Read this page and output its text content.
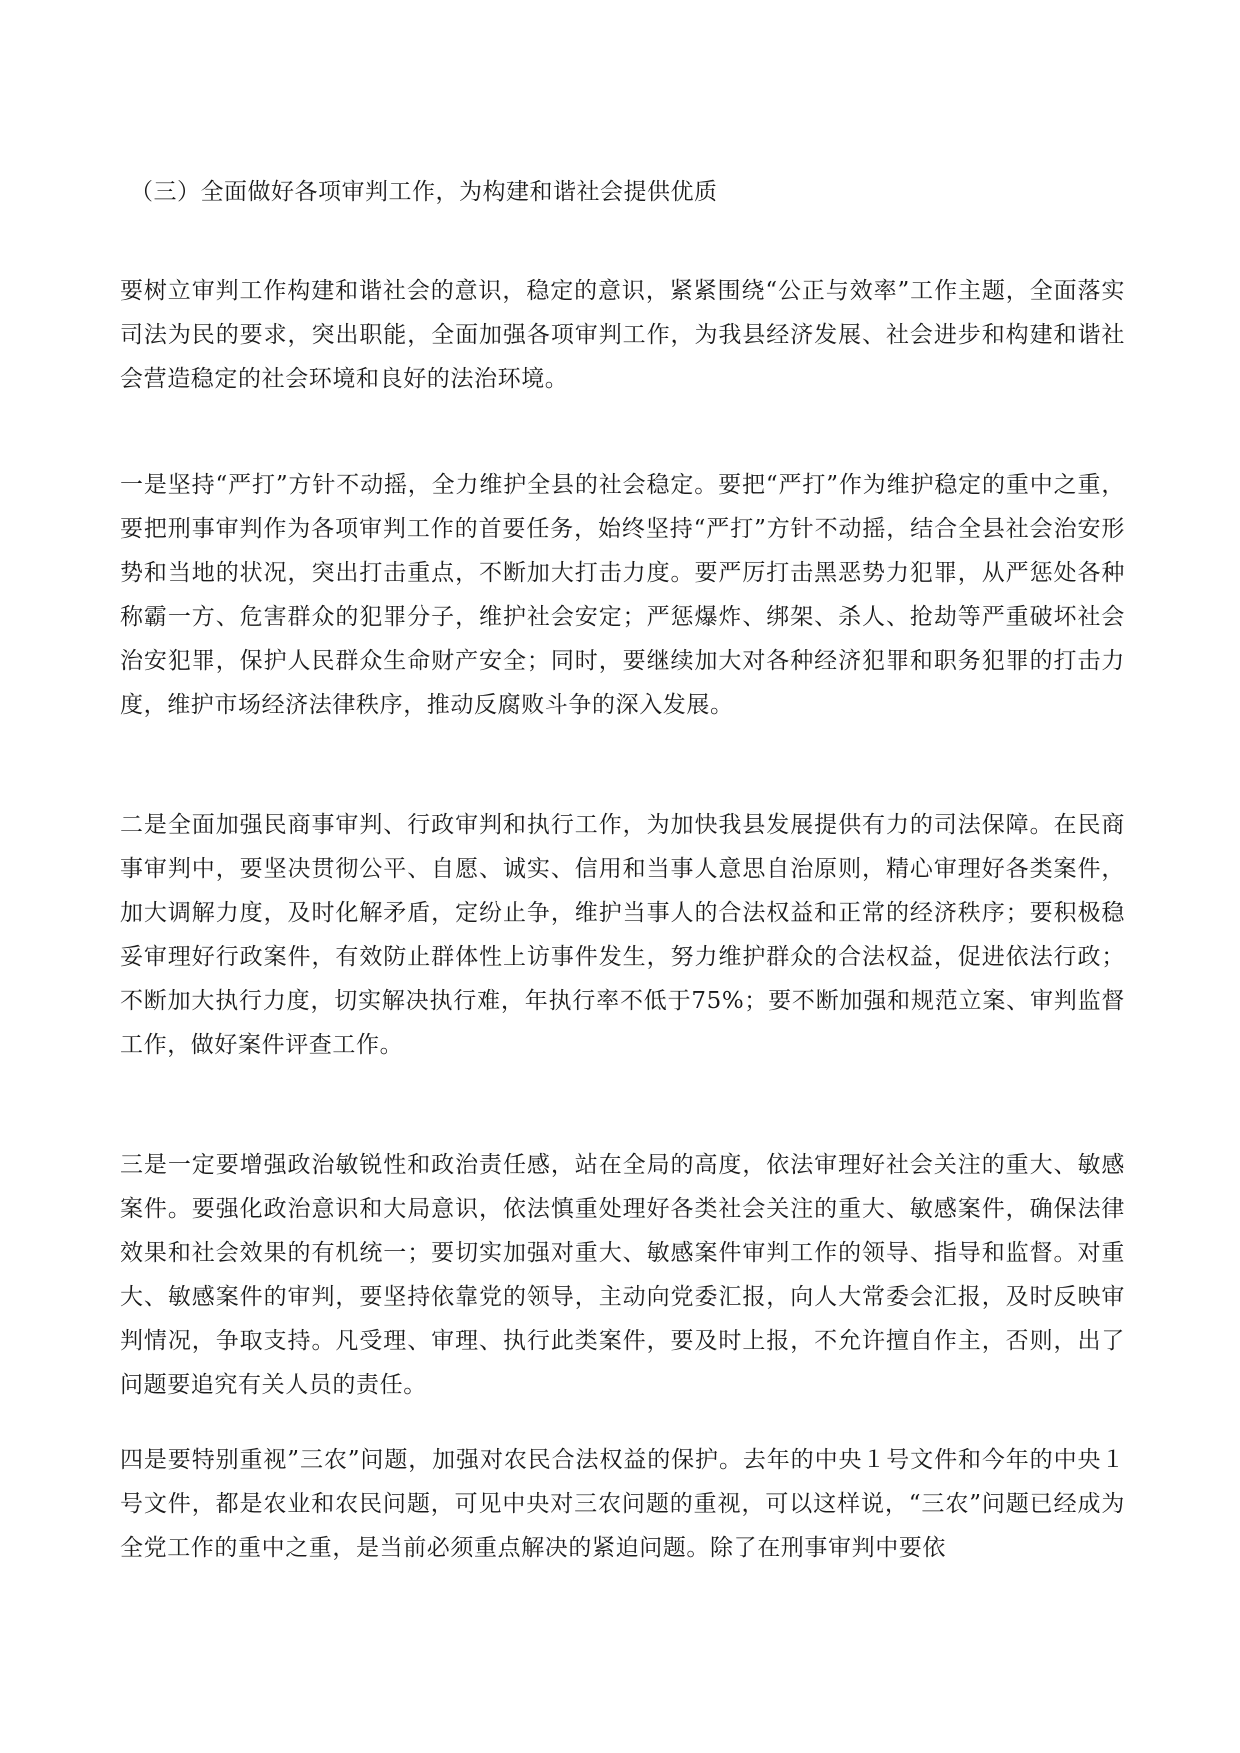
（三）全面做好各项审判工作，为构建和谐社会提供优质

要树立审判工作构建和谐社会的意识，稳定的意识，紧紧围绕“公正与效率”工作主题，全面落实司法为民的要求，突出职能，全面加强各项审判工作，为我县经济发展、社会进步和构建和谐社会营造稳定的社会环境和良好的法治环境。

一是坚持“严打”方针不动摇，全力维护全县的社会稳定。要把“严打”作为维护稳定的重中之重，要把刑事审判作为各项审判工作的首要任务，始终坚持“严打”方针不动摇，结合全县社会治安形势和当地的状况，突出打击重点，不断加大打击力度。要严厉打击黑恶势力犯罪，从严惩处各种称霸一方、危害群众的犯罪分子，维护社会安定；严惩爆炸、绑架、杀人、抢劫等严重破坏社会治安犯罪，保护人民群众生命财产安全；同时，要继续加大对各种经济犯罪和职务犯罪的打击力度，维护市场经济法律秩序，推动反腐败斗争的深入发展。

二是全面加强民商事审判、行政审判和执行工作，为加快我县发展提供有力的司法保障。在民商事审判中，要坚决贯彻公平、自愿、诚实、信用和当事人意思自治原则，精心审理好各类案件，加大调解力度，及时化解矛盾，定纷止争，维护当事人的合法权益和正常的经济秩序；要积极稳妥审理好行政案件，有效防止群体性上访事件发生，努力维护群众的合法权益，促进依法行政；不断加大执行力度，切实解决执行难，年执行率不低于75%；要不断加强和规范立案、审判监督工作，做好案件评查工作。

三是一定要增强政治敏锐性和政治责任感，站在全局的高度，依法审理好社会关注的重大、敏感案件。要强化政治意识和大局意识，依法慎重处理好各类社会关注的重大、敏感案件，确保法律效果和社会效果的有机统一；要切实加强对重大、敏感案件审判工作的领导、指导和监督。对重大、敏感案件的审判，要坚持依靠党的领导，主动向党委汇报，向人大常委会汇报，及时反映审判情况，争取支持。凡受理、审理、执行此类案件，要及时上报，不允许擅自作主，否则，出了问题要追究有关人员的责任。

四是要特别重视”三农”问题，加强对农民合法权益的保护。去年的中央１号文件和今年的中央１号文件，都是农业和农民问题，可见中央对三农问题的重视，可以这样说，“三农”问题已经成为全党工作的重中之重，是当前必须重点解决的紧迫问题。除了在刑事审判中要依
